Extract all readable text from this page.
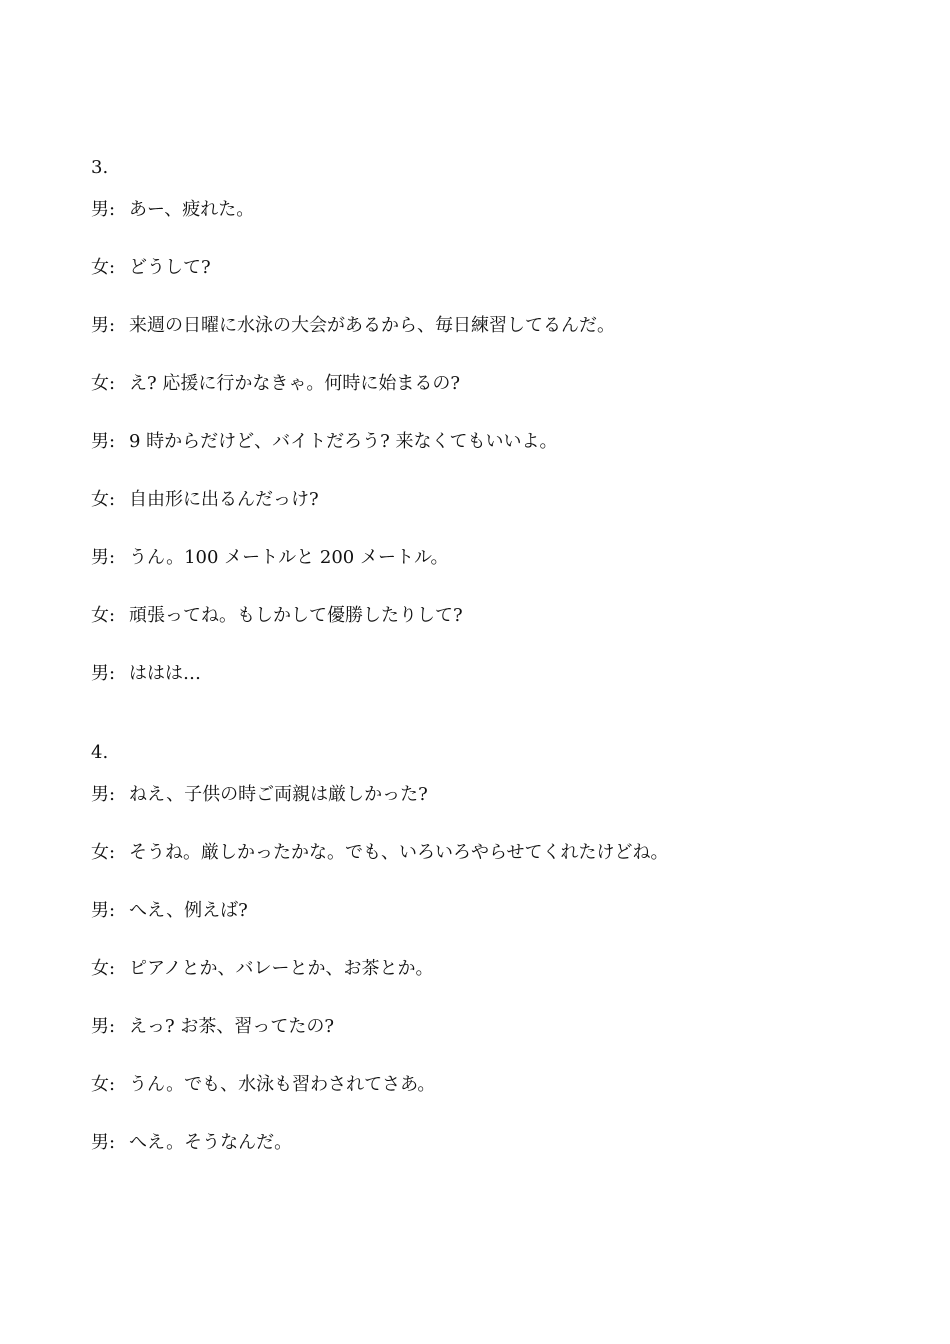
3.
男: あー、疲れた。
女: どうして?
男: 来週の日曜に水泳の大会があるから、毎日練習してるんだ。
女: え? 応援に行かなきゃ。何時に始まるの?
男: 9 時からだけど、バイトだろう? 来なくてもいいよ。
女: 自由形に出るんだっけ?
男: うん。100 メートルと 200 メートル。
女: 頑張ってね。もしかして優勝したりして?
男: ははは…
4.
男: ねえ、子供の時ご両親は厳しかった?
女: そうね。厳しかったかな。でも、いろいろやらせてくれたけどね。
男: へえ、例えば?
女: ピアノとか、バレーとか、お茶とか。
男: えっ? お茶、習ってたの?
女: うん。でも、水泳も習わされてさあ。
男: へえ。そうなんだ。
